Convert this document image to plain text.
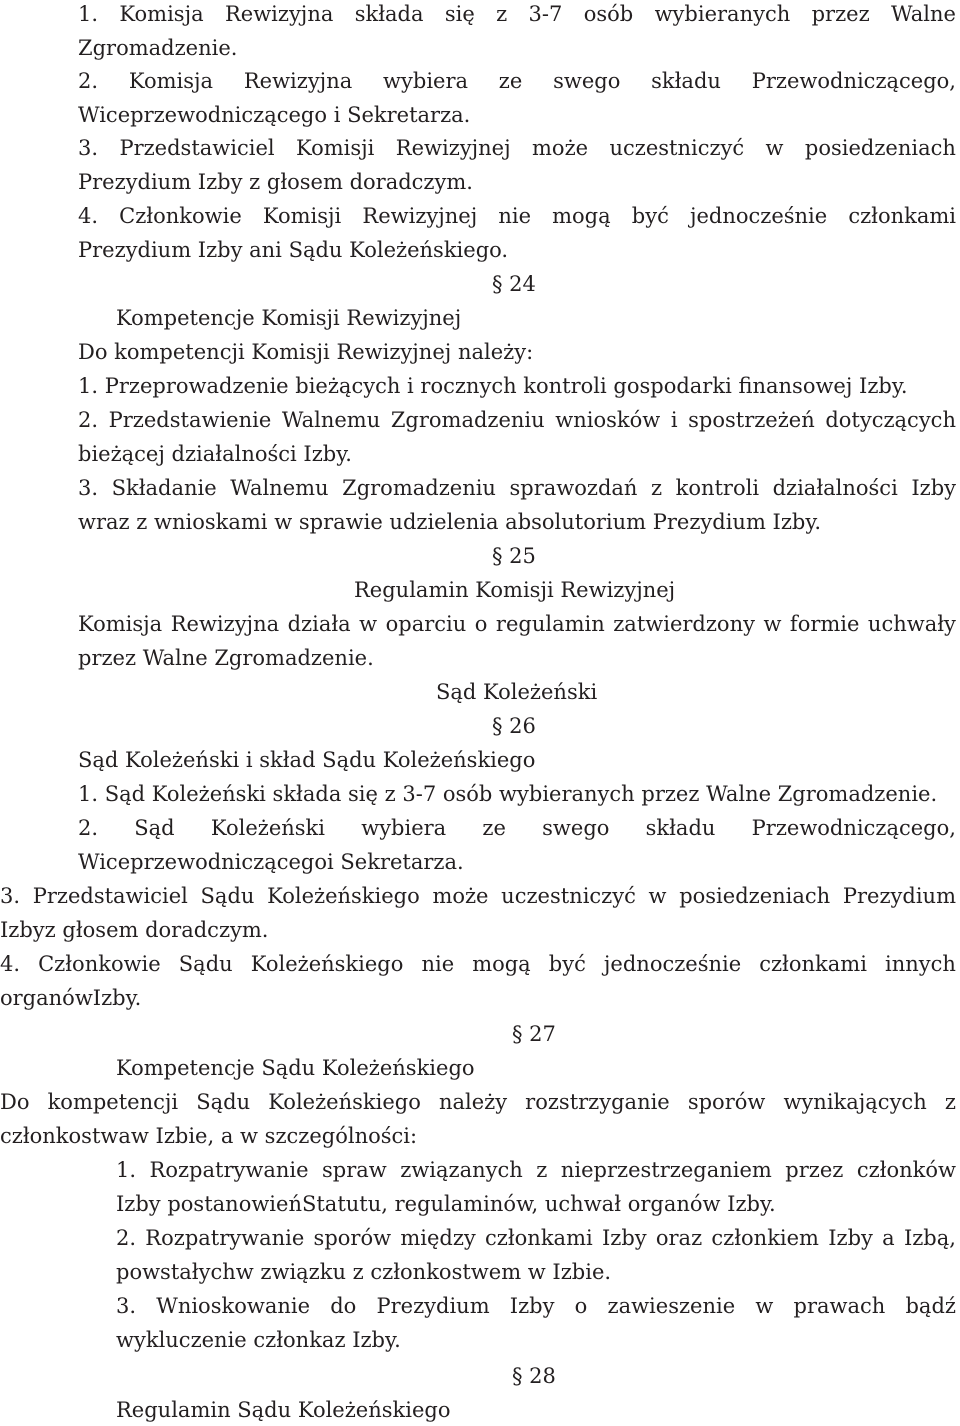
1. Komisja Rewizyjna składa się z 3-7 osób wybieranych przez Walne
Zgromadzenie.
2. Komisja Rewizyjna wybiera ze swego składu Przewodniczącego,
Wiceprzewodniczącego i Sekretarza.
3. Przedstawiciel Komisji Rewizyjnej może uczestniczyć w posiedzeniach
Prezydium Izby z głosem doradczym.
4. Członkowie Komisji Rewizyjnej nie mogą być jednocześnie członkami
Prezydium Izby ani Sądu Koleżeńskiego.
§ 24
Kompetencje Komisji Rewizyjnej
Do kompetencji Komisji Rewizyjnej należy:
1. Przeprowadzenie bieżących i rocznych kontroli gospodarki finansowej Izby.
2. Przedstawienie Walnemu Zgromadzeniu wniosków i spostrzeżeń dotyczących
bieżącej działalności Izby.
3. Składanie Walnemu Zgromadzeniu sprawozdań z kontroli działalności Izby
wraz z wnioskami w sprawie udzielenia absolutorium Prezydium Izby.
§ 25
Regulamin Komisji Rewizyjnej
Komisja Rewizyjna działa w oparciu o regulamin zatwierdzony w formie uchwały
przez Walne Zgromadzenie.
Sąd Koleżeński
§ 26
Sąd Koleżeński i skład Sądu Koleżeńskiego
1. Sąd Koleżeński składa się z 3-7 osób wybieranych przez Walne Zgromadzenie.
2. Sąd Koleżeński wybiera ze swego składu Przewodniczącego,
Wiceprzewodniczącegoi Sekretarza.
3. Przedstawiciel Sądu Koleżeńskiego może uczestniczyć w posiedzeniach Prezydium
Izbyz głosem doradczym.
4. Członkowie Sądu Koleżeńskiego nie mogą być jednocześnie członkami innych
organówIzby.
§ 27
Kompetencje Sądu Koleżeńskiego
Do kompetencji Sądu Koleżeńskiego należy rozstrzyganie sporów wynikających z
członkostwaw Izbie, a w szczególności:
1. Rozpatrywanie spraw związanych z nieprzestrzeganiem przez członków
Izby postanowieńStatutu, regulaminów, uchwał organów Izby.
2. Rozpatrywanie sporów między członkami Izby oraz członkiem Izby a Izbą,
powstałychw związku z członkostwem w Izbie.
3. Wnioskowanie do Prezydium Izby o zawieszenie w prawach bądź
wykluczenie członkaz Izby.
§ 28
Regulamin Sądu Koleżeńskiego
